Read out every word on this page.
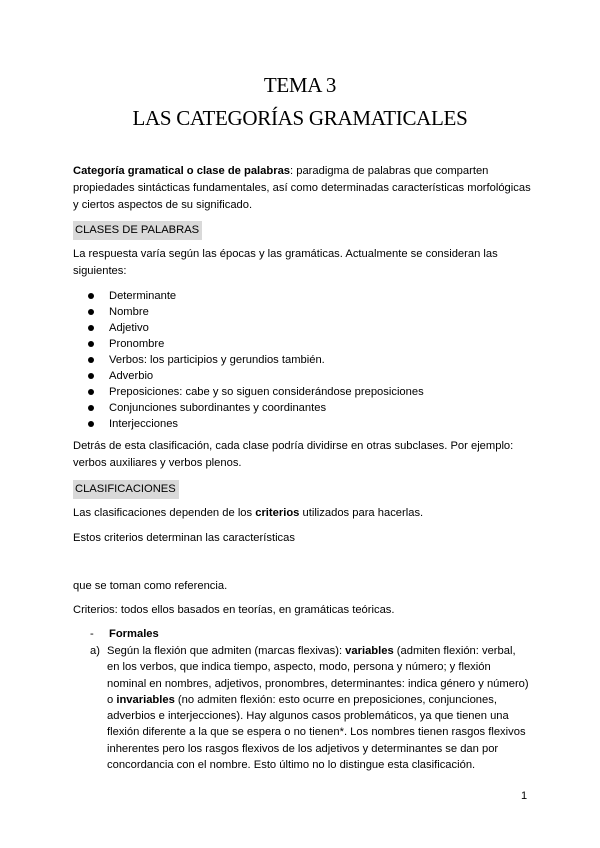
TEMA 3
LAS CATEGORÍAS GRAMATICALES
Categoría gramatical o clase de palabras: paradigma de palabras que comparten propiedades sintácticas fundamentales, así como determinadas características morfológicas y ciertos aspectos de su significado.
CLASES DE PALABRAS
La respuesta varía según las épocas y las gramáticas. Actualmente se consideran las siguientes:
Determinante
Nombre
Adjetivo
Pronombre
Verbos: los participios y gerundios también.
Adverbio
Preposiciones: cabe y so siguen considerándose preposiciones
Conjunciones subordinantes y coordinantes
Interjecciones
Detrás de esta clasificación, cada clase podría dividirse en otras subclases. Por ejemplo: verbos auxiliares y verbos plenos.
CLASIFICACIONES
Las clasificaciones dependen de los criterios utilizados para hacerlas.
Estos criterios determinan las características
que se toman como referencia.
Criterios: todos ellos basados en teorías, en gramáticas teóricas.
- Formales
a) Según la flexión que admiten (marcas flexivas): variables (admiten flexión: verbal, en los verbos, que indica tiempo, aspecto, modo, persona y número; y flexión nominal en nombres, adjetivos, pronombres, determinantes: indica género y número) o invariables (no admiten flexión: esto ocurre en preposiciones, conjunciones, adverbios e interjecciones). Hay algunos casos problemáticos, ya que tienen una flexión diferente a la que se espera o no tienen*. Los nombres tienen rasgos flexivos inherentes pero los rasgos flexivos de los adjetivos y determinantes se dan por concordancia con el nombre. Esto último no lo distingue esta clasificación.
1
